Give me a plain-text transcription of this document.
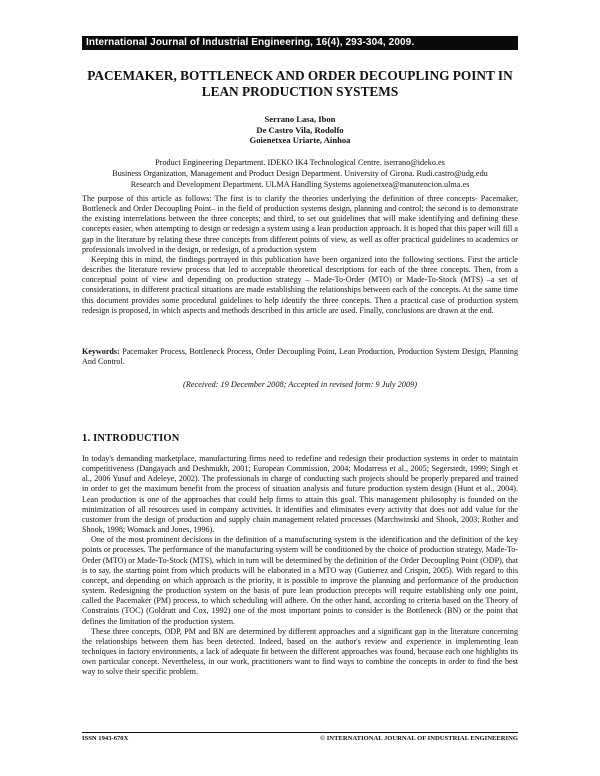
International Journal of Industrial Engineering, 16(4), 293-304, 2009.
PACEMAKER, BOTTLENECK AND ORDER DECOUPLING POINT IN LEAN PRODUCTION SYSTEMS
Serrano Lasa, Ibon
De Castro Vila, Rodolfo
Goienetxea Uriarte, Ainhoa
Product Engineering Department. IDEKO IK4 Technological Centre. iserrano@ideko.es
Business Organization, Management and Product Design Department. University of Girona. Rudi.castro@udg.edu
Research and Development Department. ULMA Handling Systems agoienetxea@manutencion.ulma.es

The purpose of this article as follows: The first is to clarify the theories underlying the definition of three concepts- Pacemaker, Bottleneck and Order Decoupling Point– in the field of production systems design, planning and control; the second is to demonstrate the existing interrelations between the three concepts; and third, to set out guidelines that will make identifying and defining these concepts easier, when attempting to design or redesign a system using a lean production approach. It is hoped that this paper will fill a gap in the literature by relating these three concepts from different points of view, as well as offer practical guidelines to academics or professionals involved in the design, or redesign, of a production system

Keeping this in mind, the findings portrayed in this publication have been organized into the following sections. First the article describes the literature review process that led to acceptable theoretical descriptions for each of the three concepts. Then, from a conceptual point of view and depending on production strategy – Made-To-Order (MTO) or Made-To-Stock (MTS) –a set of considerations, in different practical situations are made establishing the relationships between each of the concepts. At the same time this document provides some procedural guidelines to help identify the three concepts. Then a practical case of production system redesign is proposed, in which aspects and methods described in this article are used. Finally, conclusions are drawn at the end.

Keywords: Pacemaker Process, Bottleneck Process, Order Decoupling Point, Lean Production, Production System Design, Planning And Control.

(Received: 19 December 2008; Accepted in revised form: 9 July 2009)
1. INTRODUCTION

In today's demanding marketplace, manufacturing firms need to redefine and redesign their production systems in order to maintain competitiveness (Dangayach and Deshmukh, 2001; European Commission, 2004; Modarress et al., 2005; Segerstedt, 1999; Singh et al., 2006 Yusuf and Adeleye, 2002). The professionals in charge of conducting such projects should be properly prepared and trained in order to get the maximum benefit from the process of situation analysis and future production system design (Hunt et al., 2004). Lean production is one of the approaches that could help firms to attain this goal. This management philosophy is founded on the minimization of all resources used in company activities. It identifies and eliminates every activity that does not add value for the customer from the design of production and supply chain management related processes (Marchwinski and Shook, 2003; Rother and Shook, 1998; Womack and Jones, 1996).

One of the most prominent decisions in the definition of a manufacturing system is the identification and the definition of the key points or processes. The performance of the manufacturing system will be conditioned by the choice of production strategy, Made-To-Order (MTO) or Made-To-Stock (MTS), which in turn will be determined by the definition of the Order Decoupling Point (ODP), that is to say, the starting point from which products will be elaborated in a MTO way (Gutierrez and Crispin, 2005). With regard to this concept, and depending on which approach is the priority, it is possible to improve the planning and performance of the production system. Redesigning the production system on the basis of pure lean production precepts will require establishing only one point, called the Pacemaker (PM) process, to which scheduling will adhere. On the other hand, according to criteria based on the Theory of Constraints (TOC) (Goldratt and Cox, 1992) one of the most important points to consider is the Bottleneck (BN) or the point that defines the limitation of the production system.

These three concepts, ODP, PM and BN are determined by different approaches and a significant gap in the literature concerning the relationships between them has been detected. Indeed, based on the author's review and experience in implementing lean techniques in factory environments, a lack of adequate fit between the different approaches was found, because each one highlights its own particular concept. Nevertheless, in our work, practitioners want to find ways to combine the concepts in order to find the best way to solve their specific problem.

ISSN 1943-670X	© INTERNATIONAL JOURNAL OF INDUSTRIAL ENGINEERING
